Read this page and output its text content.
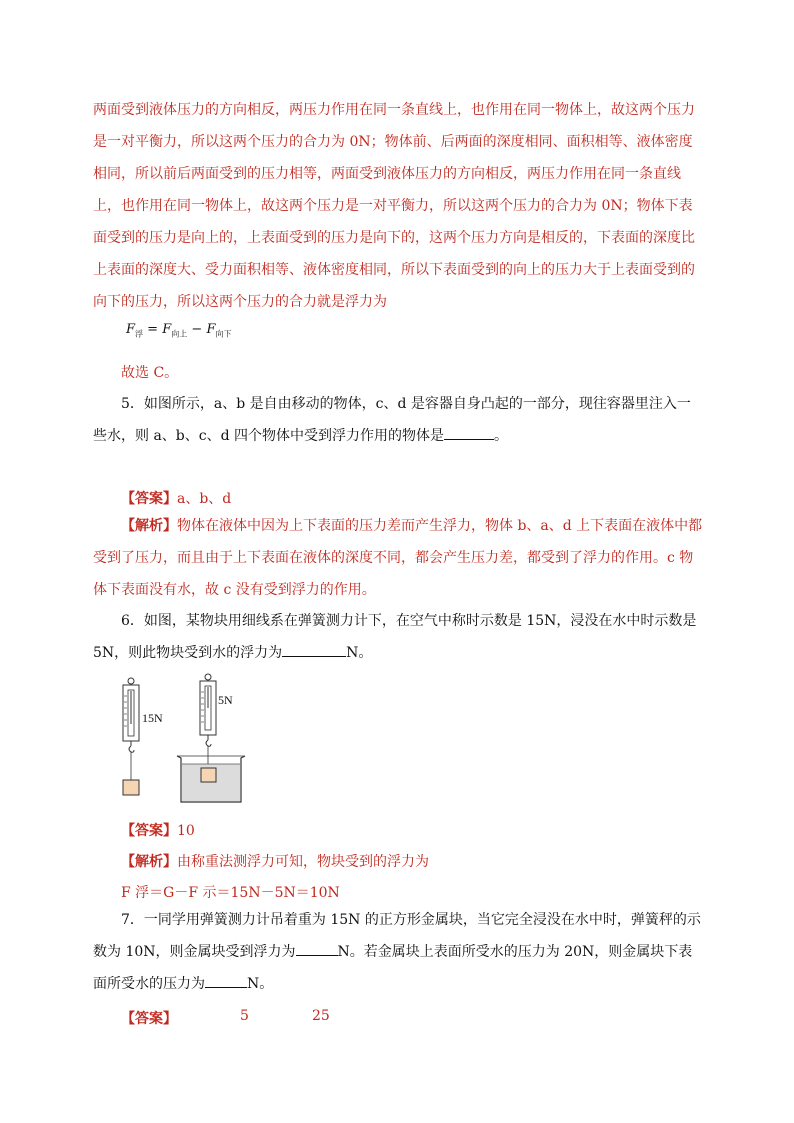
两面受到液体压力的方向相反，两压力作用在同一条直线上，也作用在同一物体上，故这两个压力是一对平衡力，所以这两个压力的合力为 0N；物体前、后两面的深度相同、面积相等、液体密度相同，所以前后两面受到的压力相等，两面受到液体压力的方向相反，两压力作用在同一条直线上，也作用在同一物体上，故这两个压力是一对平衡力，所以这两个压力的合力为 0N；物体下表面受到的压力是向上的，上表面受到的压力是向下的，这两个压力方向是相反的，下表面的深度比上表面的深度大、受力面积相等、液体密度相同，所以下表面受到的向上的压力大于上表面受到的向下的压力，所以这两个压力的合力就是浮力为
$F_浮 = F_{向上} - F_{向下}$
故选 C。
5．如图所示，a、b 是自由移动的物体，c、d 是容器自身凸起的一部分，现往容器里注入一些水，则 a、b、c、d 四个物体中受到浮力作用的物体是	。
【答案】a、b、d
【解析】物体在液体中因为上下表面的压力差而产生浮力，物体 b、a、d 上下表面在液体中都受到了压力，而且由于上下表面在液体的深度不同，都会产生压力差，都受到了浮力的作用。c 物体下表面没有水，故 c 没有受到浮力的作用。
6．如图，某物块用细线系在弹簧测力计下，在空气中称时示数是 15N，浸没在水中时示数是 5N，则此物块受到水的浮力为	N。
15N
5N
【答案】10
【解析】由称重法测浮力可知，物块受到的浮力为
F 浮＝G－F 示＝15N－5N＝10N
7．一同学用弹簧测力计吊着重为 15N 的正方形金属块，当它完全浸没在水中时，弹簧秤的示数为 10N，则金属块受到浮力为	N。若金属块上表面所受水的压力为 20N，则金属块下表面所受水的压力为	N。
【答案】	5	25
